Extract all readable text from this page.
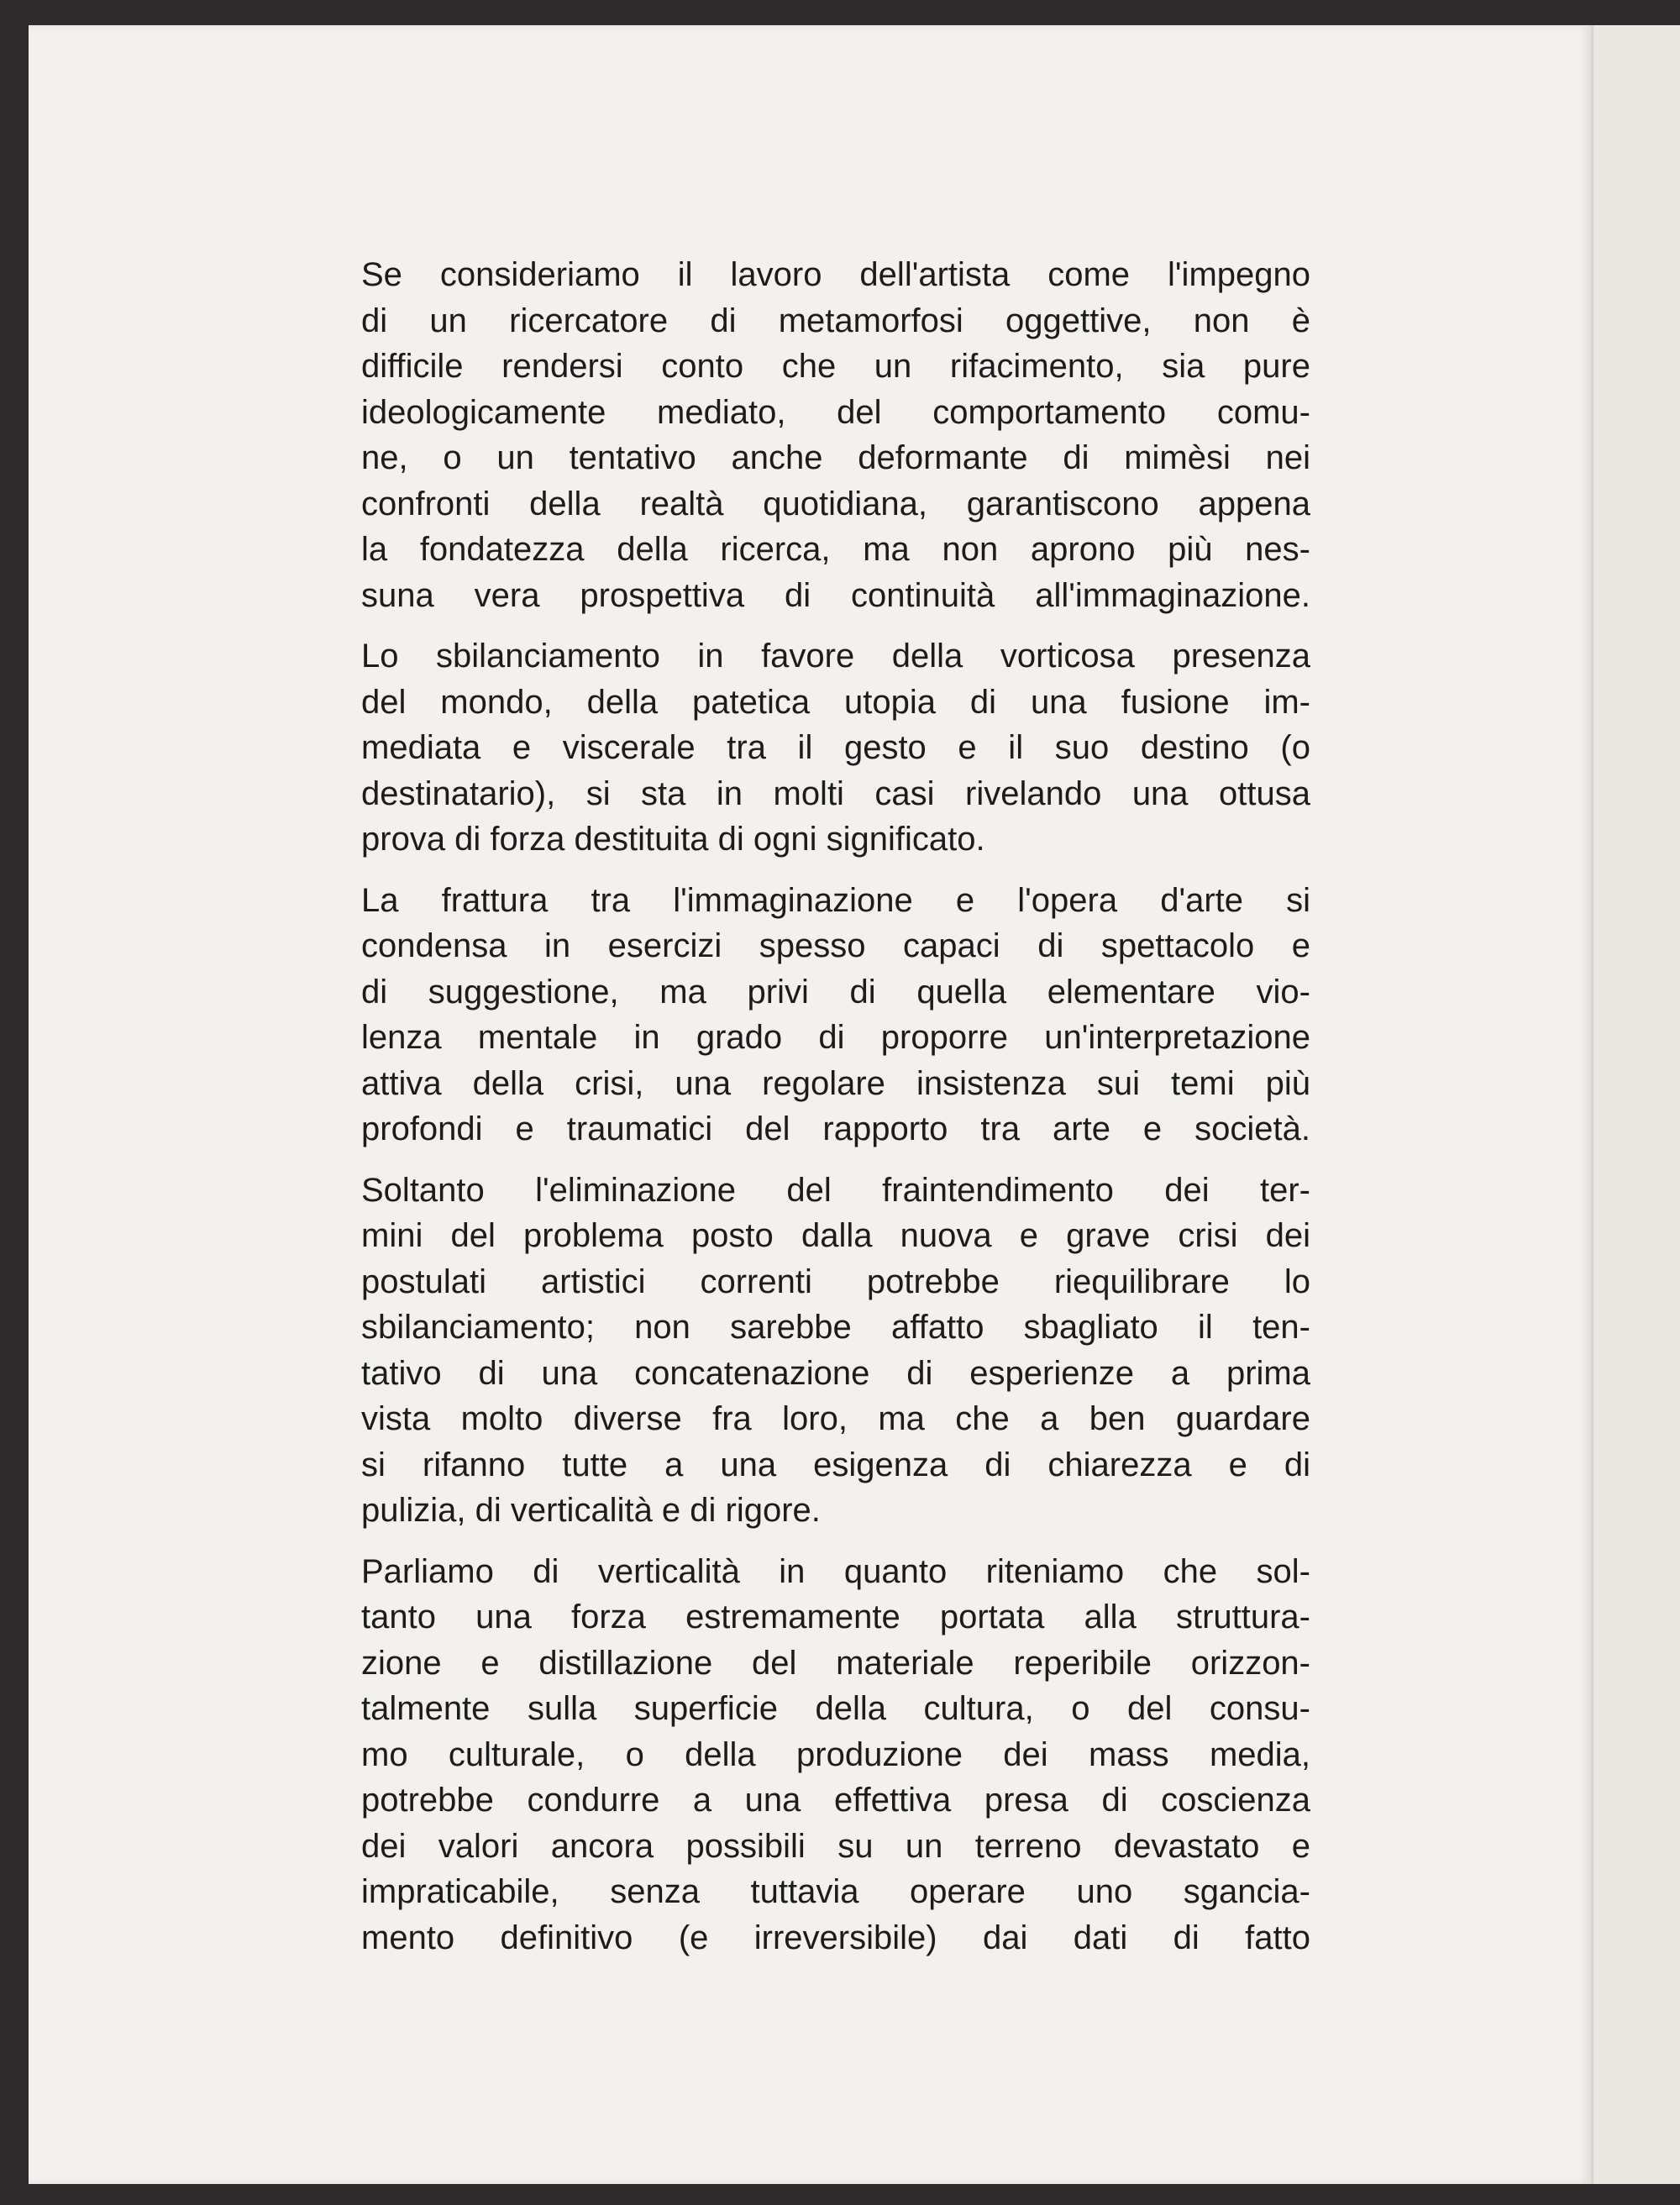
Se consideriamo il lavoro dell'artista come l'impegno
di un ricercatore di metamorfosi oggettive, non è
difficile rendersi conto che un rifacimento, sia pure
ideologicamente mediato, del comportamento comu-
ne, o un tentativo anche deformante di mimèsi nei
confronti della realtà quotidiana, garantiscono appena
la fondatezza della ricerca, ma non aprono più nes-
suna vera prospettiva di continuità all'immaginazione.
Lo sbilanciamento in favore della vorticosa presenza
del mondo, della patetica utopia di una fusione im-
mediata e viscerale tra il gesto e il suo destino (o
destinatario), si sta in molti casi rivelando una ottusa
prova di forza destituita di ogni significato.
La frattura tra l'immaginazione e l'opera d'arte si
condensa in esercizi spesso capaci di spettacolo e
di suggestione, ma privi di quella elementare vio-
lenza mentale in grado di proporre un'interpretazione
attiva della crisi, una regolare insistenza sui temi più
profondi e traumatici del rapporto tra arte e società.
Soltanto l'eliminazione del fraintendimento dei ter-
mini del problema posto dalla nuova e grave crisi dei
postulati artistici correnti potrebbe riequilibrare lo
sbilanciamento; non sarebbe affatto sbagliato il ten-
tativo di una concatenazione di esperienze a prima
vista molto diverse fra loro, ma che a ben guardare
si rifanno tutte a una esigenza di chiarezza e di
pulizia, di verticalità e di rigore.
Parliamo di verticalità in quanto riteniamo che sol-
tanto una forza estremamente portata alla struttura-
zione e distillazione del materiale reperibile orizzon-
talmente sulla superficie della cultura, o del consu-
mo culturale, o della produzione dei mass media,
potrebbe condurre a una effettiva presa di coscienza
dei valori ancora possibili su un terreno devastato e
impraticabile, senza tuttavia operare uno sgancia-
mento definitivo (e irreversibile) dai dati di fatto
